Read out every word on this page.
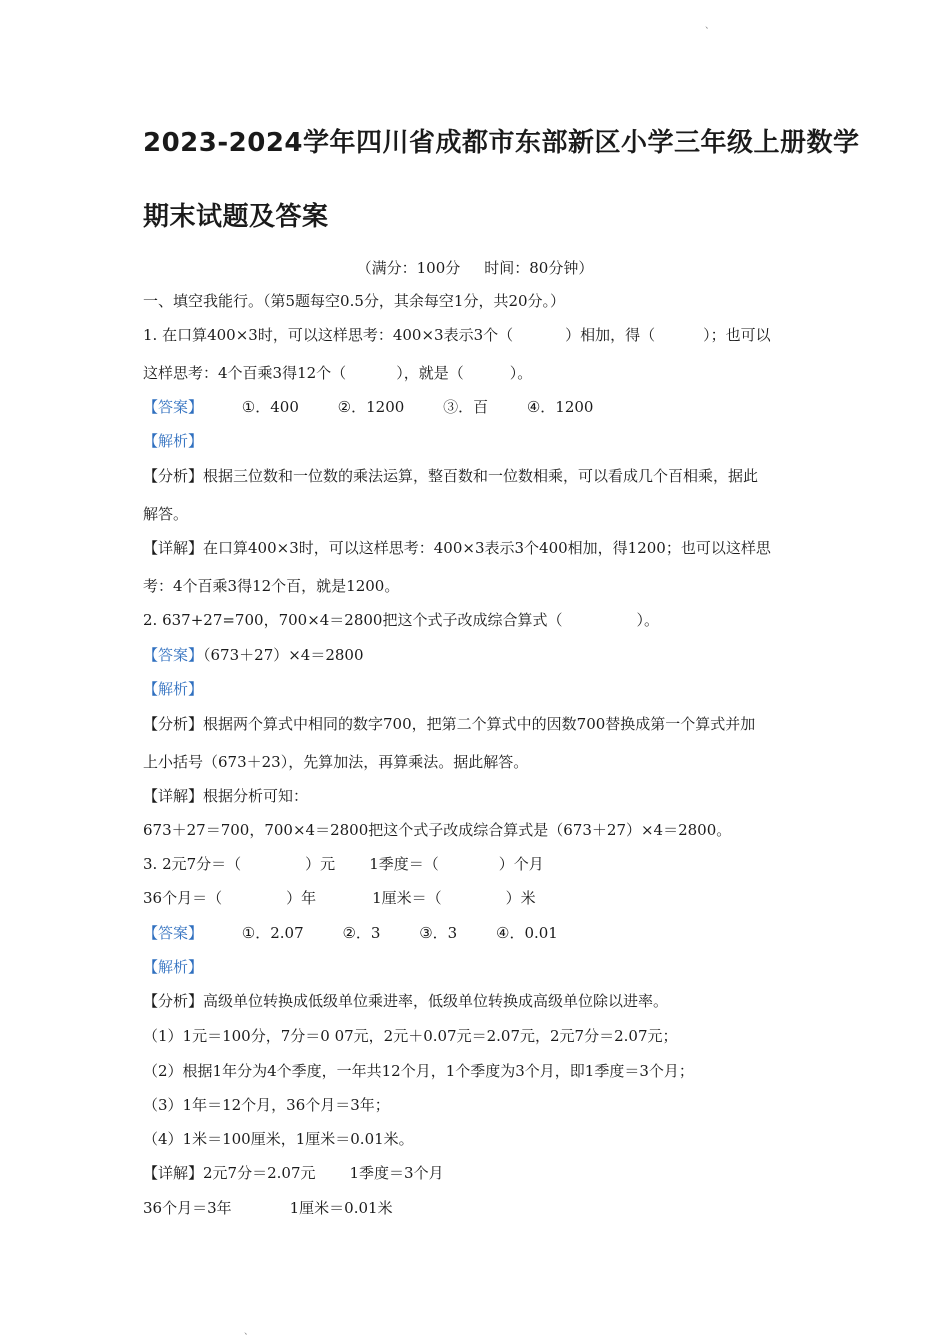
、
2023-2024学年四川省成都市东部新区小学三年级上册数学
期末试题及答案
（满分：100分 时间：80分钟）
一、填空我能行。（第5题每空0.5分，其余每空1分，共20分。）
1. 在口算400×3时，可以这样思考：400×3表示3个（	）相加，得（	）；也可以
这样思考：4个百乘3得12个（	），就是（	）。
【答案】	①．400	②．1200	③．百	④．1200
【解析】
【分析】根据三位数和一位数的乘法运算，整百数和一位数相乘，可以看成几个百相乘，据此
解答。
【详解】在口算400×3时，可以这样思考：400×3表示3个400相加，得1200；也可以这样思
考：4个百乘3得12个百，就是1200。
2. 637+27=700，700×4＝2800把这个式子改成综合算式（	）。
【答案】（673＋27）×4＝2800
【解析】
【分析】根据两个算式中相同的数字700，把第二个算式中的因数700替换成第一个算式并加
上小括号（673＋23），先算加法，再算乘法。据此解答。
【详解】根据分析可知：
673＋27＝700，700×4＝2800把这个式子改成综合算式是（673＋27）×4＝2800。
3. 2元7分＝（	）元 1季度＝（	）个月
36个月＝（	）年	1厘米＝（	）米
【答案】	①．2.07	②．3	③．3	④．0.01
【解析】
【分析】高级单位转换成低级单位乘进率，低级单位转换成高级单位除以进率。
（1）1元＝100分，7分＝0 07元，2元＋0.07元＝2.07元，2元7分＝2.07元；
（2）根据1年分为4个季度，一年共12个月，1个季度为3个月，即1季度＝3个月；
（3）1年＝12个月，36个月＝3年；
（4）1米＝100厘米，1厘米＝0.01米。
【详解】2元7分＝2.07元 1季度＝3个月
36个月＝3年	1厘米＝0.01米
、
